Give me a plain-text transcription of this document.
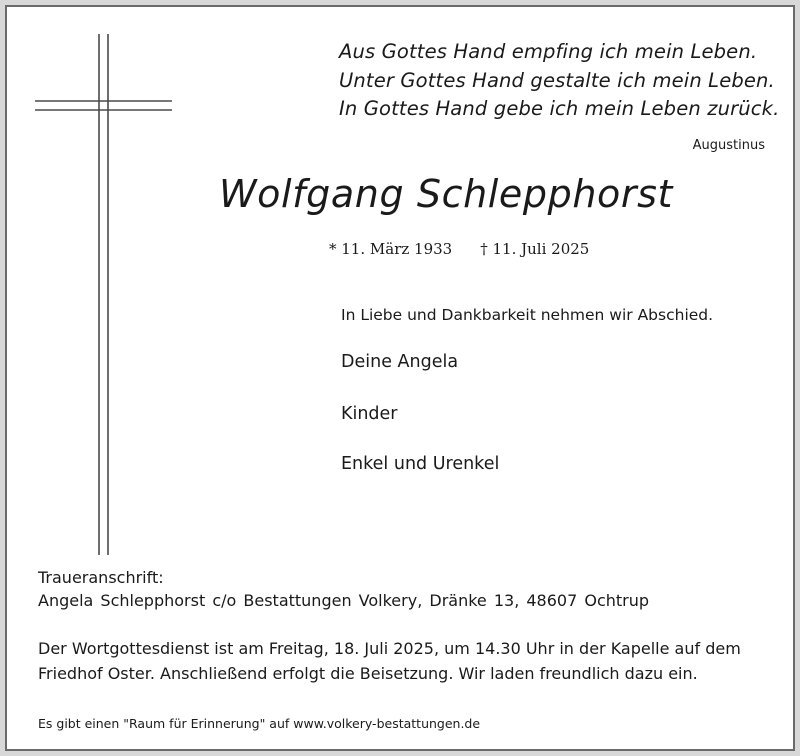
Aus Gottes Hand empfing ich mein Leben.
Unter Gottes Hand gestalte ich mein Leben.
In Gottes Hand gebe ich mein Leben zurück.
Augustinus
Wolfgang Schlepphorst
* 11. März 1933 † 11. Juli 2025
In Liebe und Dankbarkeit nehmen wir Abschied.
Deine Angela
Kinder
Enkel und Urenkel
Traueranschrift:
Angela Schlepphorst c/o Bestattungen Volkery, Dränke 13, 48607 Ochtrup
Der Wortgottesdienst ist am Freitag, 18. Juli 2025, um 14.30 Uhr in der Kapelle auf dem
Friedhof Oster. Anschließend erfolgt die Beisetzung. Wir laden freundlich dazu ein.
Es gibt einen "Raum für Erinnerung" auf www.volkery-bestattungen.de
